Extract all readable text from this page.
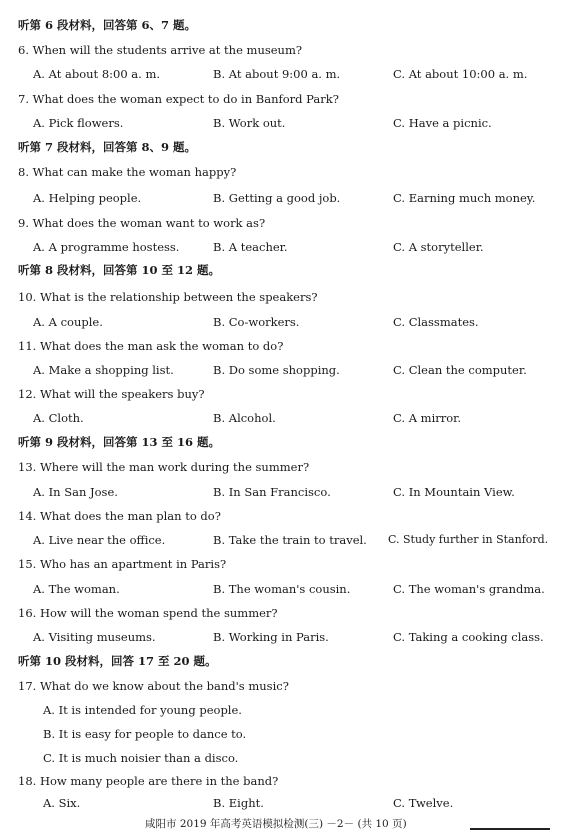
听第 6 段材料，回答第 6、7 题。
听第 7 段材料，回答第 8、9 题。
听第 8 段材料，回答第 10 至 12 题。
听第 9 段材料，回答第 13 至 16 题。
听第 10 段材料，回答 17 至 20 题。
6. When will the students arrive at the museum?
A. At about 8:00 a. m.	B. At about 9:00 a. m.	C. At about 10:00 a. m.
7. What does the woman expect to do in Banford Park?
A. Pick flowers.	B. Work out.	C. Have a picnic.
8. What can make the woman happy?
A. Helping people.	B. Getting a good job.	C. Earning much money.
9. What does the woman want to work as?
A. A programme hostess.	B. A teacher.	C. A storyteller.
10. What is the relationship between the speakers?
A. A couple.	B. Co-workers.	C. Classmates.
11. What does the man ask the woman to do?
A. Make a shopping list.	B. Do some shopping.	C. Clean the computer.
12. What will the speakers buy?
A. Cloth.	B. Alcohol.	C. A mirror.
13. Where will the man work during the summer?
A. In San Jose.	B. In San Francisco.	C. In Mountain View.
14. What does the man plan to do?
A. Live near the office.	B. Take the train to travel. C. Study further in Stanford.
15. Who has an apartment in Paris?
A. The woman.	B. The woman's cousin.	C. The woman's grandma.
16. How will the woman spend the summer?
A. Visiting museums.	B. Working in Paris.	C. Taking a cooking class.
17. What do we know about the band's music?
A. It is intended for young people.
B. It is easy for people to dance to.
C. It is much noisier than a disco.
18. How many people are there in the band?
A. Six.	B. Eight.	C. Twelve.
咸阳市 2019 年高考英语模拟检测(三) －2－ (共 10 页)
